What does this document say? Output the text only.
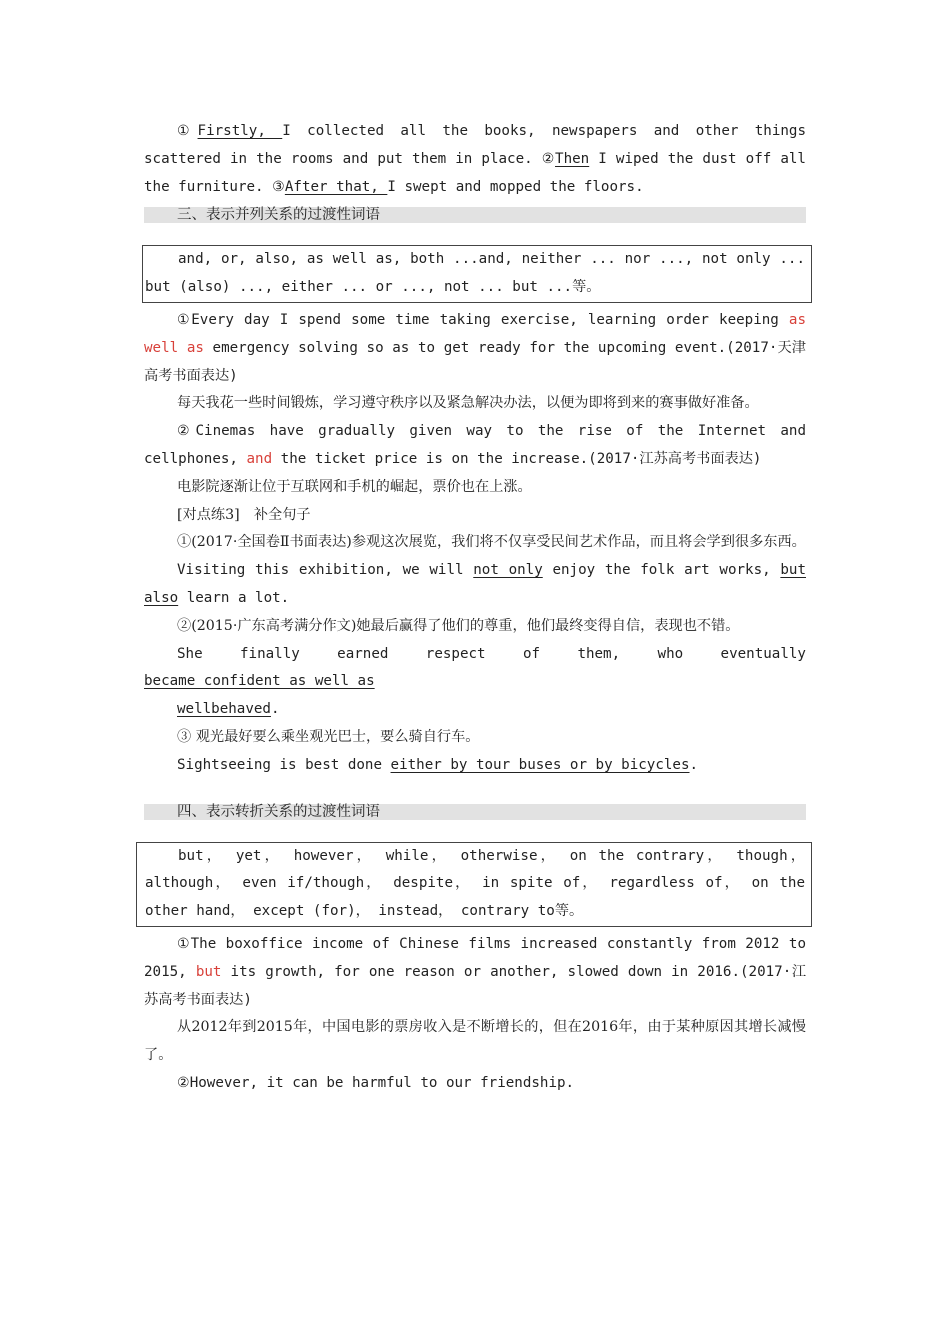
①Firstly, I collected all the books, newspapers and other things scattered in the rooms and put them in place. ②Then I wiped the dust off all the furniture. ③After that, I swept and mopped the floors.

三、表示并列关系的过渡性词语

and, or, also, as well as, both ...and, neither ... nor ..., not only ... but (also) ..., either ... or ..., not ... but ...等。

①Every day I spend some time taking exercise, learning order keeping as well as emergency solving so as to get ready for the upcoming event.(2017·天津高考书面表达)

每天我花一些时间锻炼，学习遵守秩序以及紧急解决办法，以便为即将到来的赛事做好准备。

②Cinemas have gradually given way to the rise of the Internet and cellphones, and the ticket price is on the increase.(2017·江苏高考书面表达)

电影院逐渐让位于互联网和手机的崛起，票价也在上涨。

[对点练3]　补全句子

①(2017·全国卷Ⅱ书面表达)参观这次展览，我们将不仅享受民间艺术作品，而且将会学到很多东西。

Visiting this exhibition, we will not only enjoy the folk art works, but also learn a lot.

②(2015·广东高考满分作文)她最后赢得了他们的尊重，他们最终变得自信，表现也不错。

She	finally	earned	respect	of	them,	who	eventually

became confident as well as

wellbehaved.

③ 观光最好要么乘坐观光巴士，要么骑自行车。

Sightseeing is best done either by tour buses or by bicycles.

四、表示转折关系的过渡性词语

but， yet， however， while， otherwise， on the contrary， though， although， even if/though， despite， in spite of， regardless of， on the other hand， except (for)， instead， contrary to等。

①The boxoffice income of Chinese films increased constantly from 2012 to 2015, but its growth, for one reason or another, slowed down in 2016.(2017·江苏高考书面表达)

从2012年到2015年，中国电影的票房收入是不断增长的，但在2016年，由于某种原因其增长减慢了。

②However, it can be harmful to our friendship.
